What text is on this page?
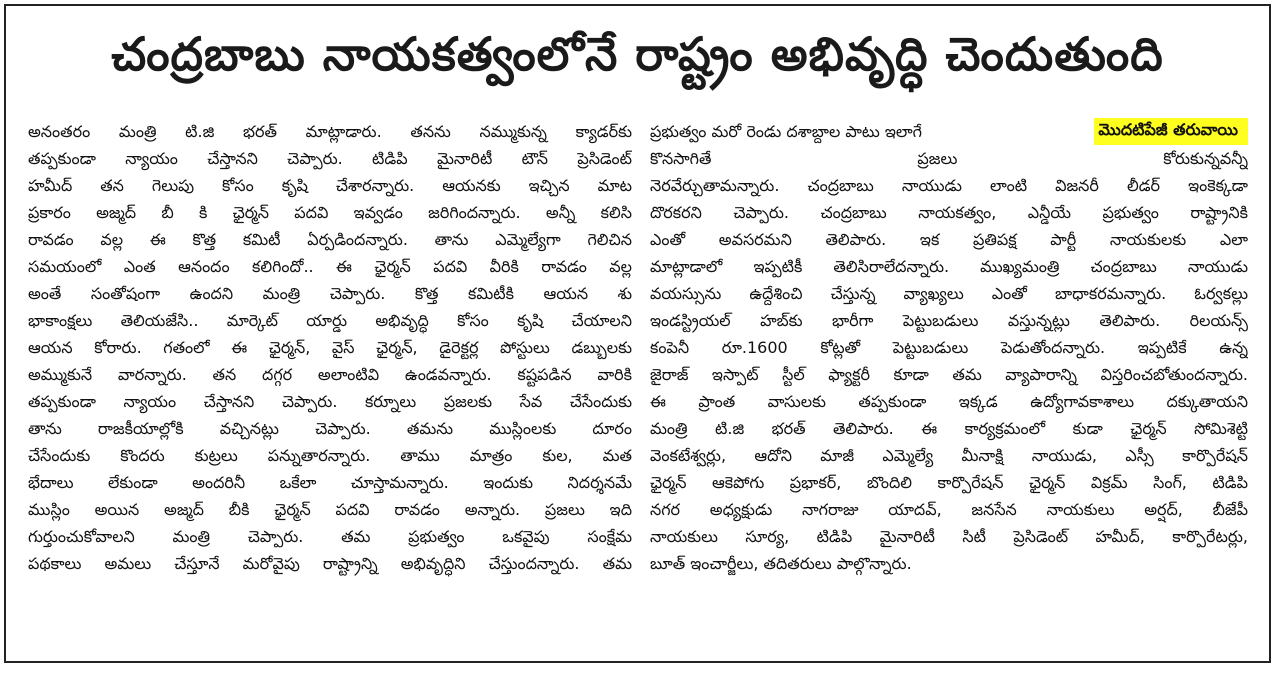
చంద్రబాబు నాయకత్వంలోనే రాష్ట్రం అభివృద్ధి చెందుతుంది
అనంతరం మంత్రి టి.జి భరత్ మాట్లాడారు. తనను నమ్ముకున్న క్యాడర్‌కు
తప్పకుండా న్యాయం చేస్తానని చెప్పారు. టిడిపి మైనారిటీ టౌన్ ప్రెసిడెంట్
హమీద్ తన గెలుపు కోసం కృషి చేశారన్నారు. ఆయనకు ఇచ్చిన మాట
ప్రకారం అజ్మద్ బీ కి ఛైర్మన్ పదవి ఇవ్వడం జరిగిందన్నారు. అన్నీ కలిసి
రావడం వల్ల ఈ కొత్త కమిటీ ఏర్పడిందన్నారు. తాను ఎమ్మెల్యేగా గెలిచిన
సమయంలో ఎంత ఆనందం కలిగిందో.. ఈ ఛైర్మన్ పదవి వీరికి రావడం వల్ల
అంతే సంతోషంగా ఉందని మంత్రి చెప్పారు. కొత్త కమిటీకి ఆయన శు
భాకాంక్షలు తెలియజేసి.. మార్కెట్ యార్డు అభివృద్ధి కోసం కృషి చేయాలని
ఆయన కోరారు. గతంలో ఈ ఛైర్మన్, వైస్ ఛైర్మన్, డైరెక్టర్ల పోస్టులు డబ్బులకు
అమ్ముకునే వారన్నారు. తన దగ్గర అలాంటివి ఉండవన్నారు. కష్టపడిన వారికి
తప్పకుండా న్యాయం చేస్తానని చెప్పారు. కర్నూలు ప్రజలకు సేవ చేసేందుకు
తాను రాజకీయాల్లోకి వచ్చినట్లు చెప్పారు. తమను ముస్లింలకు దూరం
చేసేందుకు కొందరు కుట్రలు పన్నుతారన్నారు. తాము మాత్రం కుల, మత
భేదాలు లేకుండా అందరినీ ఒకేలా చూస్తామన్నారు. ఇందుకు నిదర్శనమే
ముస్లిం అయిన అజ్మద్ బీకి ఛైర్మన్ పదవి రావడం అన్నారు. ప్రజలు ఇది
గుర్తుంచుకోవాలని మంత్రి చెప్పారు. తమ ప్రభుత్వం ఒకవైపు సంక్షేమ
పథకాలు అమలు చేస్తూనే మరోవైపు రాష్ట్రాన్ని అభివృద్ధిని చేస్తుందన్నారు. తమ
ప్రభుత్వం మరో రెండు దశాబ్దాల పాటు ఇలాగే	మొదటిపేజీ తరువాయి
కొనసాగితే ప్రజలు కోరుకున్నవన్నీ
నెరవేర్చుతామన్నారు. చంద్రబాబు నాయుడు లాంటి విజనరీ లీడర్ ఇంకెక్కడా
దొరకరని చెప్పారు. చంద్రబాబు నాయకత్వం, ఎన్డీయే ప్రభుత్వం రాష్ట్రానికి
ఎంతో అవసరమని తెలిపారు. ఇక ప్రతిపక్ష పార్టీ నాయకులకు ఎలా
మాట్లాడాలో ఇప్పటికీ తెలిసిరాలేదన్నారు. ముఖ్యమంత్రి చంద్రబాబు నాయుడు
వయస్సును ఉద్దేశించి చేస్తున్న వ్యాఖ్యలు ఎంతో బాధాకరమన్నారు. ఓర్వకల్లు
ఇండస్ట్రియల్ హబ్‌కు భారీగా పెట్టుబడులు వస్తున్నట్లు తెలిపారు. రిలయన్స్
కంపెనీ రూ.1600 కోట్లతో పెట్టుబడులు పెడుతోందన్నారు. ఇప్పటికే ఉన్న
జైరాజ్ ఇస్పాట్ స్టీల్ ఫ్యాక్టరీ కూడా తమ వ్యాపారాన్ని విస్తరించబోతుందన్నారు.
ఈ ప్రాంత వాసులకు తప్పకుండా ఇక్కడ ఉద్యోగావకాశాలు దక్కుతాయని
మంత్రి టి.జి భరత్ తెలిపారు. ఈ కార్యక్రమంలో కుడా ఛైర్మన్ సోమిశెట్టి
వెంకటేశ్వర్లు, ఆదోని మాజీ ఎమ్మెల్యే మీనాక్షి నాయుడు, ఎస్సీ కార్పొరేషన్
ఛైర్మన్ ఆకెపోగు ప్రభాకర్, బొందిలి కార్పొరేషన్ ఛైర్మన్ విక్రమ్ సింగ్, టిడిపి
నగర అధ్యక్షుడు నాగరాజు యాదవ్, జనసేన నాయకులు అర్షద్, బీజేపీ
నాయకులు సూర్య, టిడిపి మైనారిటీ సిటీ ప్రెసిడెంట్ హమీద్, కార్పొరేటర్లు,
బూత్ ఇంచార్జీలు, తదితరులు పాల్గొన్నారు.
